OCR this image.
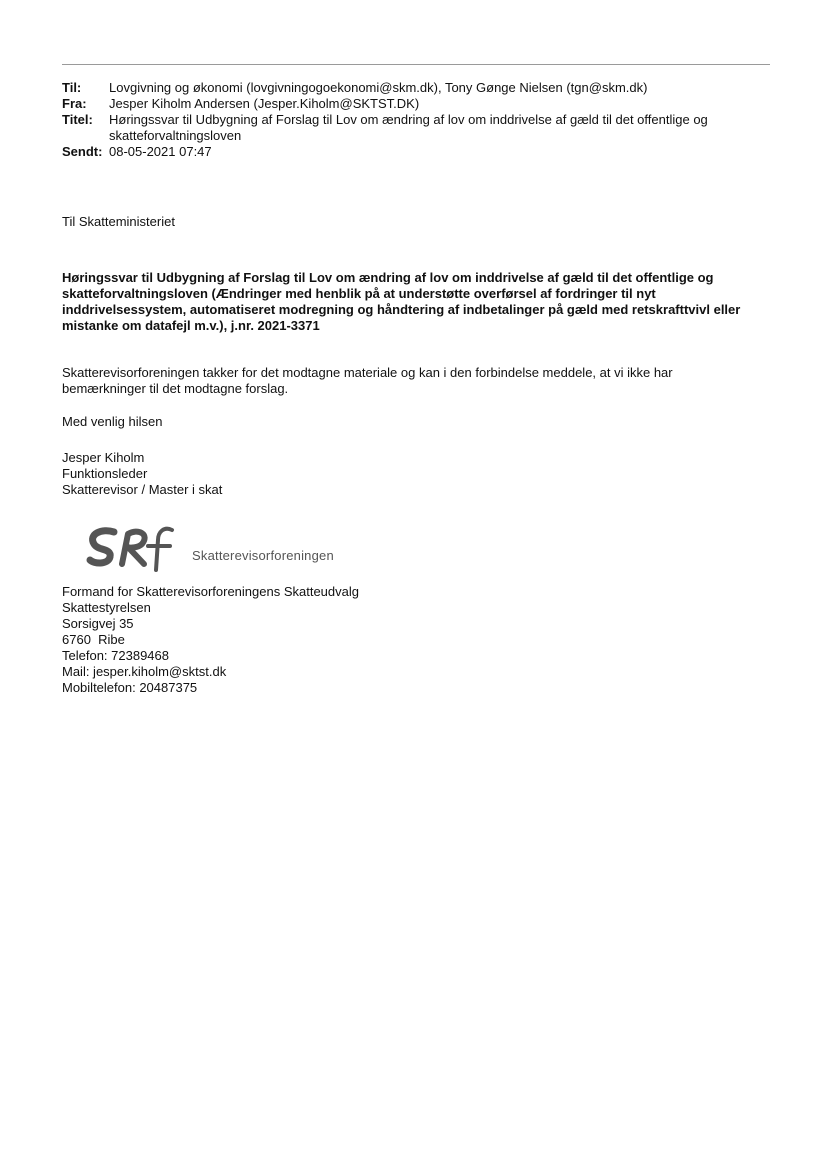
Til:	Lovgivning og økonomi (lovgivningogoekonomi@skm.dk), Tony Gønge Nielsen (tgn@skm.dk)
Fra:	Jesper Kiholm Andersen (Jesper.Kiholm@SKTST.DK)
Titel:	Høringssvar til Udbygning af Forslag til Lov om ændring af lov om inddrivelse af gæld til det offentlige og skatteforvaltningsloven
Sendt: 08-05-2021 07:47
Til Skatteministeriet
Høringssvar til Udbygning af Forslag til Lov om ændring af lov om inddrivelse af gæld til det offentlige og skatteforvaltningsloven (Ændringer med henblik på at understøtte overførsel af fordringer til nyt inddrivelsessystem, automatiseret modregning og håndtering af indbetalinger på gæld med retskrafttvivl eller mistanke om datafejl m.v.), j.nr. 2021-3371
Skatterevisorforeningen takker for det modtagne materiale og kan i den forbindelse meddele, at vi ikke har bemærkninger til det modtagne forslag.
Med venlig hilsen
Jesper Kiholm
Funktionsleder
Skatterevisor / Master i skat
Skatterevisorforeningen
Formand for Skatterevisorforeningens Skatteudvalg
Skattestyrelsen
Sorsigvej 35
6760  Ribe
Telefon: 72389468
Mail: jesper.kiholm@sktst.dk
Mobiltelefon: 20487375
